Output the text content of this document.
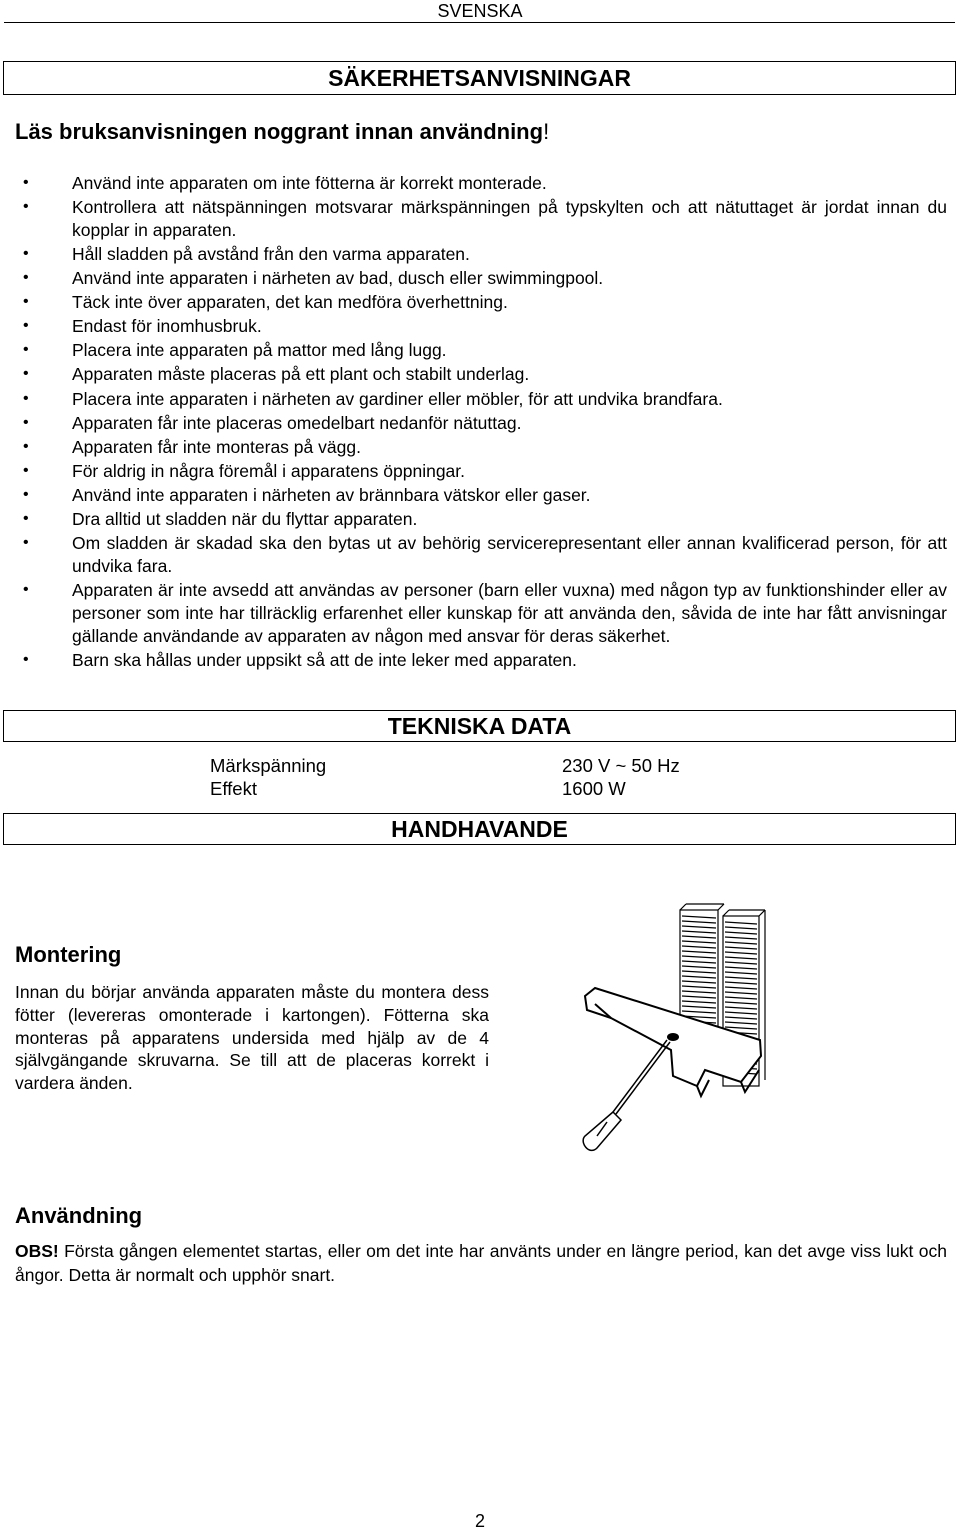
SVENSKA
SÄKERHETSANVISNINGAR
Läs bruksanvisningen noggrant innan användning!
• Använd inte apparaten om inte fötterna är korrekt monterade.
• Kontrollera att nätspänningen motsvarar märkspänningen på typskylten och att nätuttaget är jordat innan du kopplar in apparaten.
• Håll sladden på avstånd från den varma apparaten.
• Använd inte apparaten i närheten av bad, dusch eller swimmingpool.
• Täck inte över apparaten, det kan medföra överhettning.
• Endast för inomhusbruk.
• Placera inte apparaten på mattor med lång lugg.
• Apparaten måste placeras på ett plant och stabilt underlag.
• Placera inte apparaten i närheten av gardiner eller möbler, för att undvika brandfara.
• Apparaten får inte placeras omedelbart nedanför nätuttag.
• Apparaten får inte monteras på vägg.
• För aldrig in några föremål i apparatens öppningar.
• Använd inte apparaten i närheten av brännbara vätskor eller gaser.
• Dra alltid ut sladden när du flyttar apparaten.
• Om sladden är skadad ska den bytas ut av behörig servicerepresentant eller annan kvalificerad person, för att undvika fara.
• Apparaten är inte avsedd att användas av personer (barn eller vuxna) med någon typ av funktionshinder eller av personer som inte har tillräcklig erfarenhet eller kunskap för att använda den, såvida de inte har fått anvisningar gällande användande av apparaten av någon med ansvar för deras säkerhet.
• Barn ska hållas under uppsikt så att de inte leker med apparaten.
TEKNISKA DATA
Märkspänning	230 V ~ 50 Hz
Effekt	1600 W
HANDHAVANDE
Montering
Innan du börjar använda apparaten måste du montera dess fötter (levereras omonterade i kartongen). Fötterna ska monteras på apparatens undersida med hjälp av de 4 självgängande skruvarna. Se till att de placeras korrekt i vardera änden.
Användning
OBS! Första gången elementet startas, eller om det inte har använts under en längre period, kan det avge viss lukt och ångor. Detta är normalt och upphör snart.
2
